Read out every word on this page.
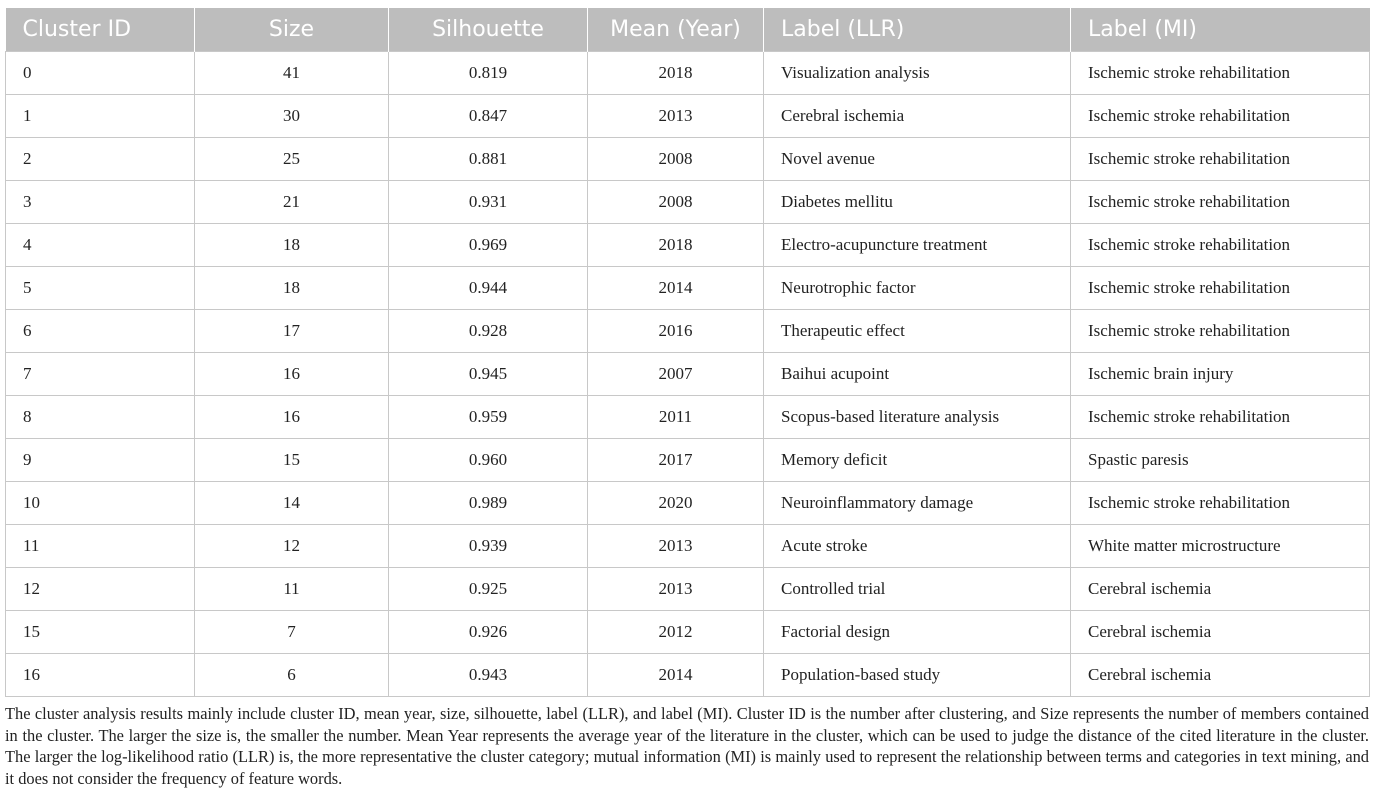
Cluster ID	Size	Silhouette	Mean (Year)	Label (LLR)	Label (MI)
0	41	0.819	2018	Visualization analysis	Ischemic stroke rehabilitation
1	30	0.847	2013	Cerebral ischemia	Ischemic stroke rehabilitation
2	25	0.881	2008	Novel avenue	Ischemic stroke rehabilitation
3	21	0.931	2008	Diabetes mellitu	Ischemic stroke rehabilitation
4	18	0.969	2018	Electro-acupuncture treatment	Ischemic stroke rehabilitation
5	18	0.944	2014	Neurotrophic factor	Ischemic stroke rehabilitation
6	17	0.928	2016	Therapeutic effect	Ischemic stroke rehabilitation
7	16	0.945	2007	Baihui acupoint	Ischemic brain injury
8	16	0.959	2011	Scopus-based literature analysis	Ischemic stroke rehabilitation
9	15	0.960	2017	Memory deficit	Spastic paresis
10	14	0.989	2020	Neuroinflammatory damage	Ischemic stroke rehabilitation
11	12	0.939	2013	Acute stroke	White matter microstructure
12	11	0.925	2013	Controlled trial	Cerebral ischemia
15	7	0.926	2012	Factorial design	Cerebral ischemia
16	6	0.943	2014	Population-based study	Cerebral ischemia

The cluster analysis results mainly include cluster ID, mean year, size, silhouette, label (LLR), and label (MI). Cluster ID is the number after clustering, and Size represents the number of members contained in the cluster. The larger the size is, the smaller the number. Mean Year represents the average year of the literature in the cluster, which can be used to judge the distance of the cited literature in the cluster. The larger the log-likelihood ratio (LLR) is, the more representative the cluster category; mutual information (MI) is mainly used to represent the relationship between terms and categories in text mining, and it does not consider the frequency of feature words.
